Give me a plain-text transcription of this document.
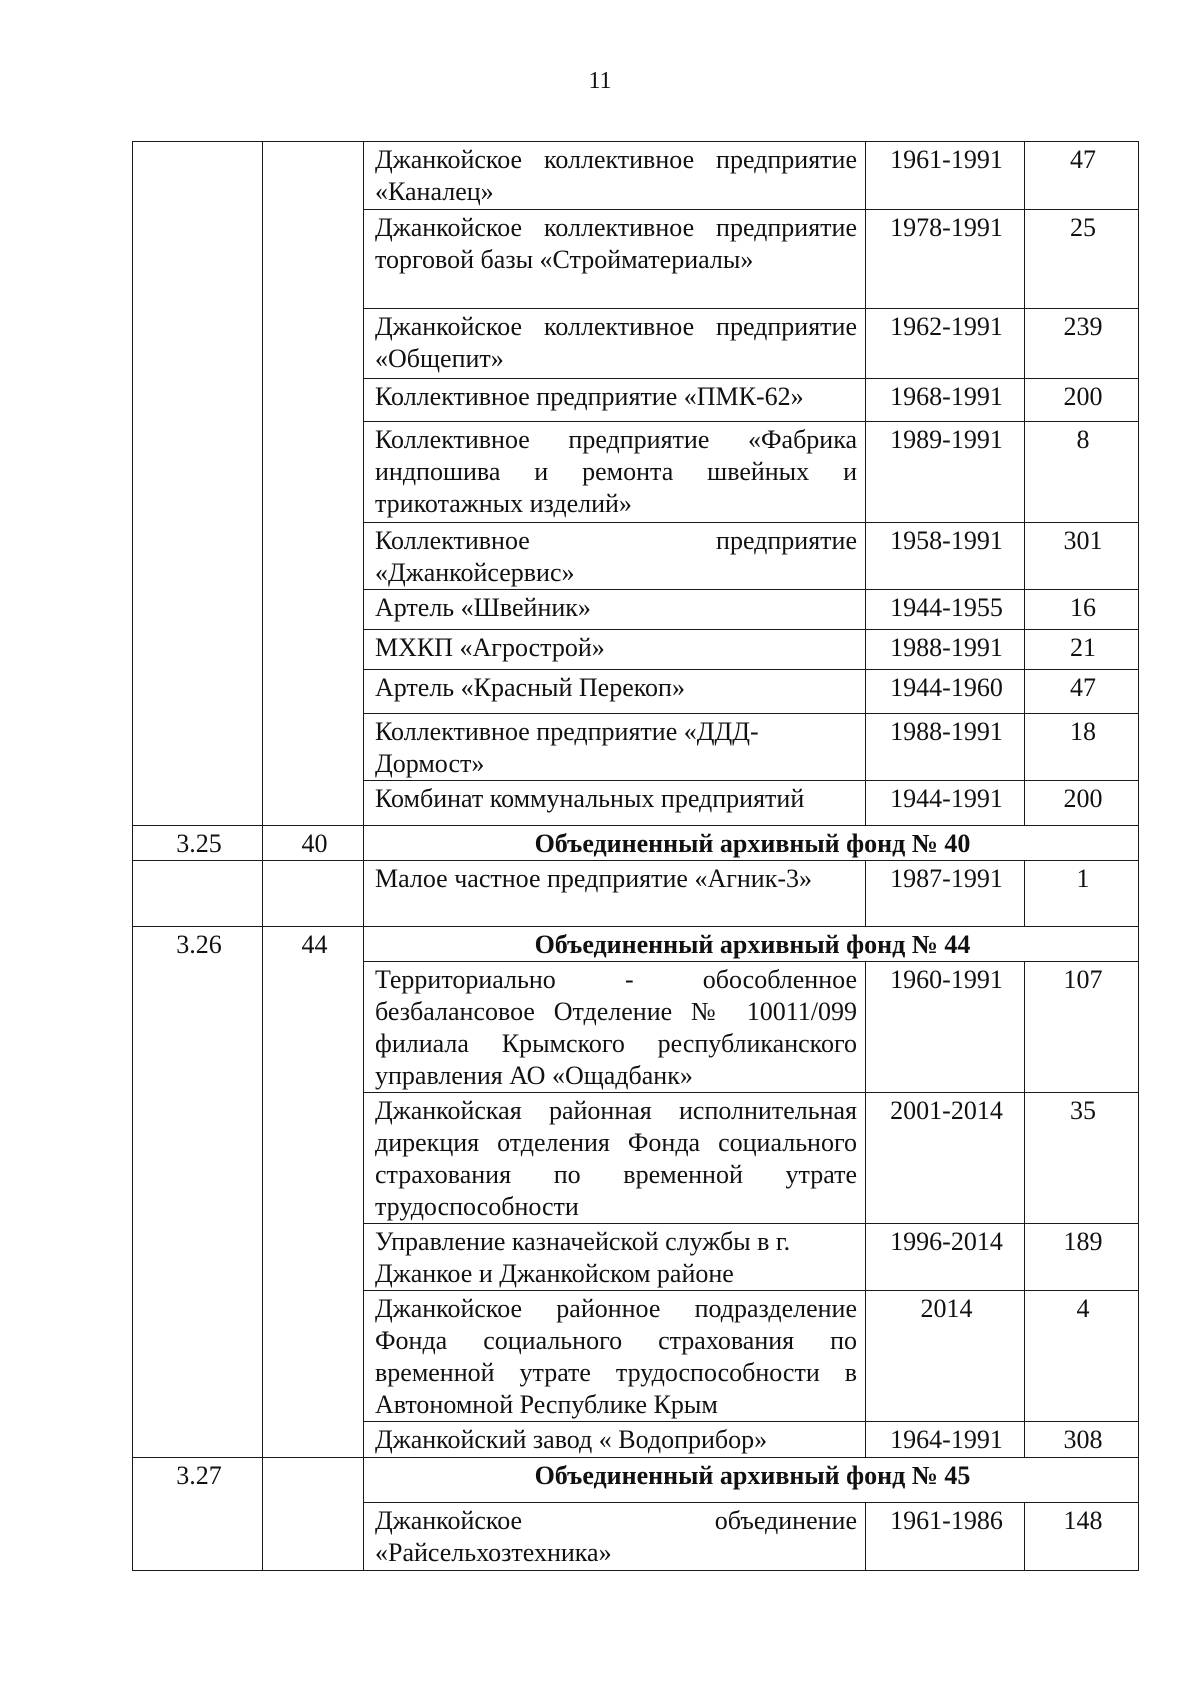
11
		Джанкойское коллективное предприятие «Каналец»	1961-1991	47
		Джанкойское коллективное предприятие торговой базы «Стройматериалы»	1978-1991	25
		Джанкойское коллективное предприятие «Общепит»	1962-1991	239
		Коллективное предприятие «ПМК-62»	1968-1991	200
		Коллективное предприятие «Фабрика индпошива и ремонта швейных и трикотажных изделий»	1989-1991	8
		Коллективное предприятие «Джанкойсервис»	1958-1991	301
		Артель «Швейник»	1944-1955	16
		МХКП «Агрострой»	1988-1991	21
		Артель «Красный Перекоп»	1944-1960	47
		Коллективное предприятие «ДДД-Дормост»	1988-1991	18
		Комбинат коммунальных предприятий	1944-1991	200
3.25	40	Объединенный архивный фонд № 40		
		Малое частное предприятие «Агник-3»	1987-1991	1
3.26	44	Объединенный архивный фонд № 44		
		Территориально - обособленное безбалансовое Отделение № 10011/099 филиала Крымского республиканского управления АО «Ощадбанк»	1960-1991	107
		Джанкойская районная исполнительная дирекция отделения Фонда социального страхования по временной утрате трудоспособности	2001-2014	35
		Управление казначейской службы в г. Джанкое и Джанкойском районе	1996-2014	189
		Джанкойское районное подразделение Фонда социального страхования по временной утрате трудоспособности в Автономной Республике Крым	2014	4
		Джанкойский завод « Водоприбор»	1964-1991	308
3.27		Объединенный архивный фонд № 45		
		Джанкойское объединение «Райсельхозтехника»	1961-1986	148
